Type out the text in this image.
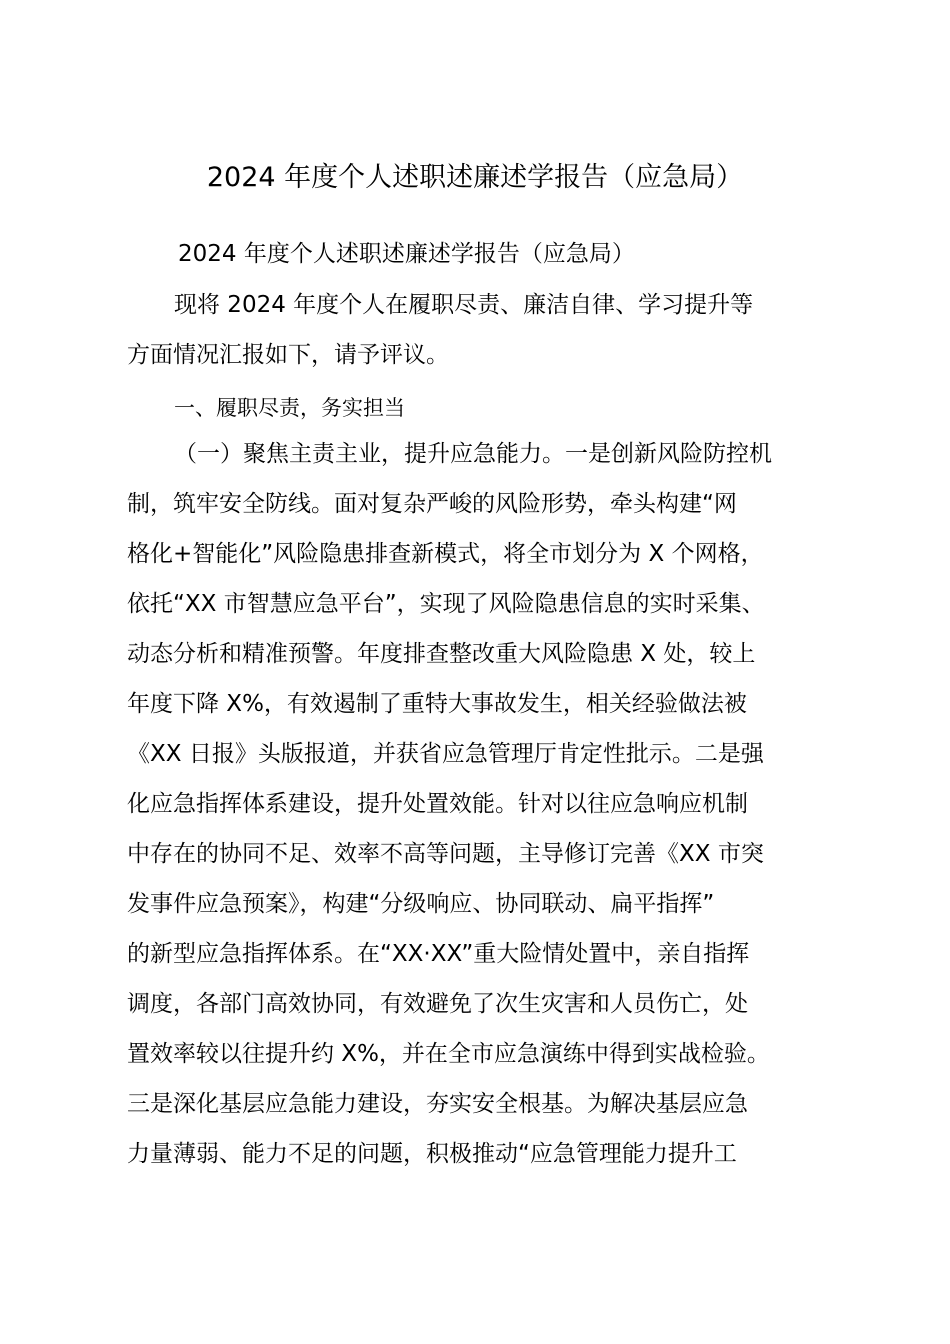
2024 年度个人述职述廉述学报告（应急局）
2024 年度个人述职述廉述学报告（应急局）
现将 2024 年度个人在履职尽责、廉洁自律、学习提升等
方面情况汇报如下，请予评议。
一、履职尽责，务实担当
（一）聚焦主责主业，提升应急能力。一是创新风险防控机
制，筑牢安全防线。面对复杂严峻的风险形势，牵头构建“网
格化+智能化”风险隐患排查新模式，将全市划分为 X 个网格，
依托“XX 市智慧应急平台”，实现了风险隐患信息的实时采集、
动态分析和精准预警。年度排查整改重大风险隐患 X 处，较上
年度下降 X%，有效遏制了重特大事故发生，相关经验做法被
《XX 日报》头版报道，并获省应急管理厅肯定性批示。二是强
化应急指挥体系建设，提升处置效能。针对以往应急响应机制
中存在的协同不足、效率不高等问题，主导修订完善《XX 市突
发事件应急预案》，构建“分级响应、协同联动、扁平指挥”
的新型应急指挥体系。在“XX·XX”重大险情处置中，亲自指挥
调度，各部门高效协同，有效避免了次生灾害和人员伤亡，处
置效率较以往提升约 X%，并在全市应急演练中得到实战检验。
三是深化基层应急能力建设，夯实安全根基。为解决基层应急
力量薄弱、能力不足的问题，积极推动“应急管理能力提升工
